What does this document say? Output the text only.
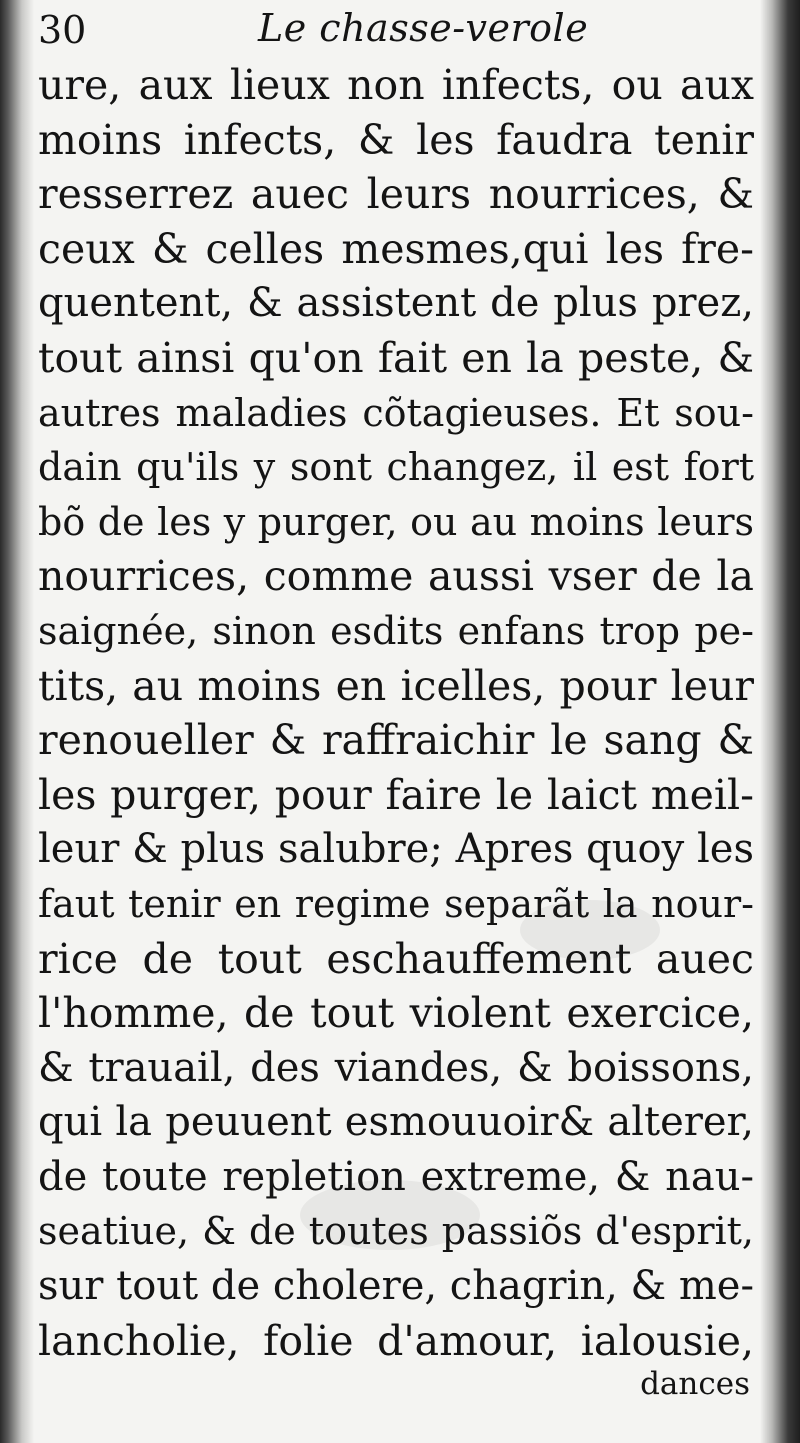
30	Le chasse-verole
ure, aux lieux non infects, ou aux
moins infects, & les faudra tenir
resserrez auec leurs nourrices, &
ceux & celles mesmes,qui les fre-
quentent, & assistent de plus prez,
tout ainsi qu'on fait en la peste, &
autres maladies cõtagieuses. Et sou-
dain qu'ils y sont changez, il est fort
bõ de les y purger, ou au moins leurs
nourrices, comme aussi vser de la
saignée, sinon esdits enfans trop pe-
tits, au moins en icelles, pour leur
renoueller & raffraichir le sang &
les purger, pour faire le laict meil-
leur & plus salubre; Apres quoy les
faut tenir en regime separãt la nour-
rice de tout eschauffement auec
l'homme, de tout violent exercice,
& trauail, des viandes, & boissons,
qui la peuuent esmouuoir& alterer,
de toute repletion extreme, & nau-
seatiue, & de toutes passiõs d'esprit,
sur tout de cholere, chagrin, & me-
lancholie, folie d'amour, ialousie,
dances
